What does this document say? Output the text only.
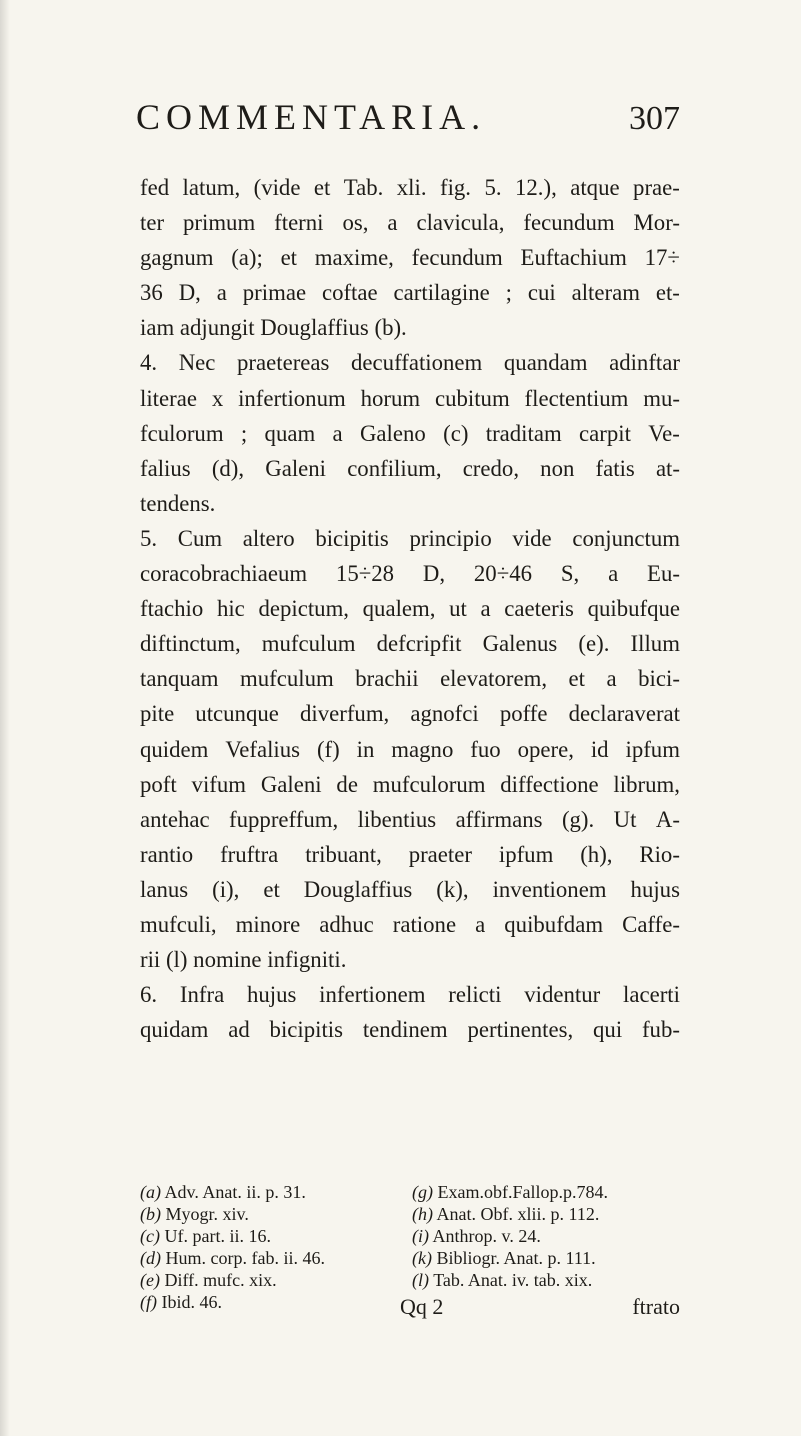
COMMENTARIA.	307
fed latum, (vide et Tab. xli. fig. 5. 12.), atque prae-
ter primum fterni os, a clavicula, fecundum Mor-
gagnum (a); et maxime, fecundum Euftachium 17÷
36 D, a primae coftae cartilagine ; cui alteram et-
iam adjungit Douglaffius (b).
4. Nec praetereas decuffationem quandam adinftar
literae x infertionum horum cubitum flectentium mu-
fculorum ; quam a Galeno (c) traditam carpit Ve-
falius (d), Galeni confilium, credo, non fatis at-
tendens.
5. Cum altero bicipitis principio vide conjunctum
coracobrachiaeum 15÷28 D, 20÷46 S, a Eu-
ftachio hic depictum, qualem, ut a caeteris quibufque
diftinctum, mufculum defcripfit Galenus (e). Illum
tanquam mufculum brachii elevatorem, et a bici-
pite utcunque diverfum, agnofci poffe declaraverat
quidem Vefalius (f) in magno fuo opere, id ipfum
poft vifum Galeni de mufculorum diffectione librum,
antehac fuppreffum, libentius affirmans (g). Ut A-
rantio fruftra tribuant, praeter ipfum (h), Rio-
lanus (i), et Douglaffius (k), inventionem hujus
mufculi, minore adhuc ratione a quibufdam Caffe-
rii (l) nomine infigniti.
6. Infra hujus infertionem relicti videntur lacerti
quidam ad bicipitis tendinem pertinentes, qui fub-
(a) Adv. Anat. ii. p. 31.
(b) Myogr. xiv.
(c) Uf. part. ii. 16.
(d) Hum. corp. fab. ii. 46.
(e) Diff. mufc. xix.
(f) Ibid. 46.
(g) Exam.obf.Fallop.p.784.
(h) Anat. Obf. xlii. p. 112.
(i) Anthrop. v. 24.
(k) Bibliogr. Anat. p. 111.
(l) Tab. Anat. iv. tab. xix.
Qq 2	ftrato
